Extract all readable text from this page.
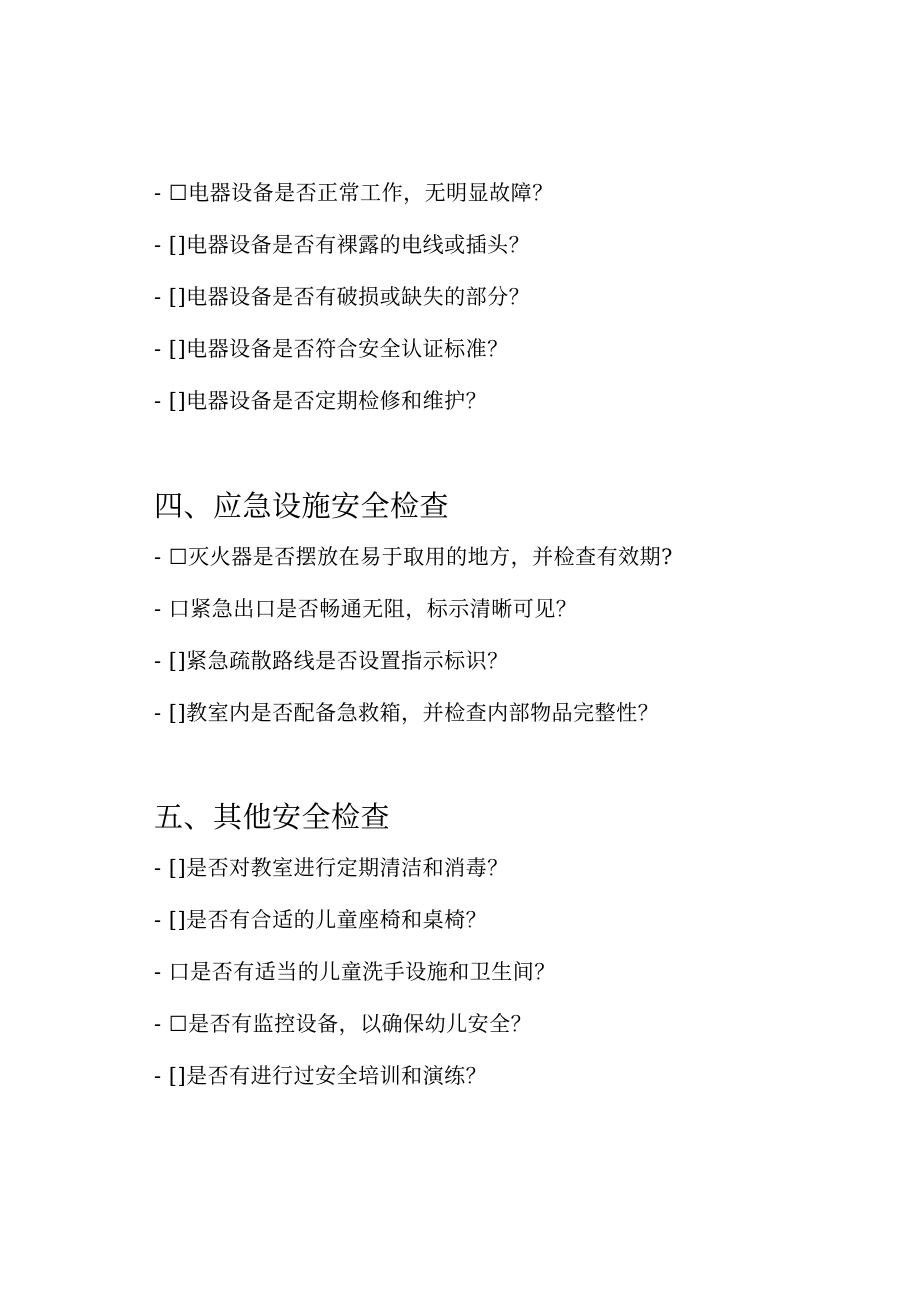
- ☐电器设备是否正常工作，无明显故障？
- []电器设备是否有裸露的电线或插头？
- []电器设备是否有破损或缺失的部分？
- []电器设备是否符合安全认证标准？
- []电器设备是否定期检修和维护？
四、应急设施安全检查
- ☐灭火器是否摆放在易于取用的地方，并检查有效期?
- 口紧急出口是否畅通无阻，标示清晰可见？
- []紧急疏散路线是否设置指示标识？
- []教室内是否配备急救箱，并检查内部物品完整性？
五、其他安全检查
- []是否对教室进行定期清洁和消毒？
- []是否有合适的儿童座椅和桌椅？
- 口是否有适当的儿童洗手设施和卫生间？
- ☐是否有监控设备，以确保幼儿安全？
- []是否有进行过安全培训和演练？
